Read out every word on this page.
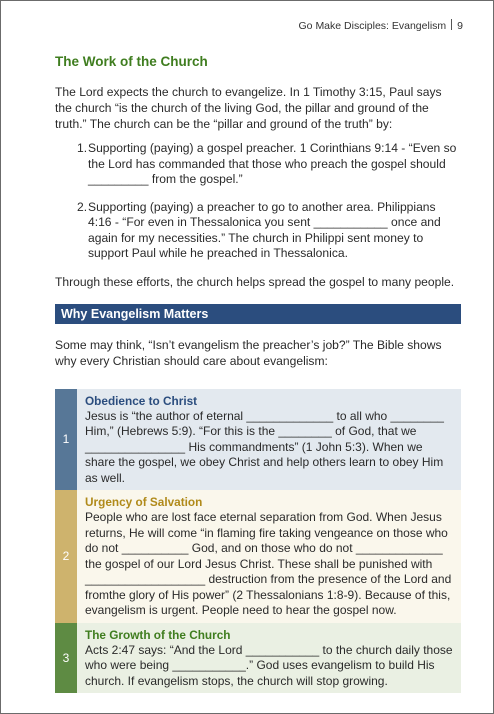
Go Make Disciples: Evangelism 9
The Work of the Church

The Lord expects the church to evangelize. In 1 Timothy 3:15, Paul says the church “is the church of the living God, the pillar and ground of the truth.” The church can be the “pillar and ground of the truth” by:

1. Supporting (paying) a gospel preacher. 1 Corinthians 9:14 - “Even so the Lord has commanded that those who preach the gospel should _________ from the gospel.”
2. Supporting (paying) a preacher to go to another area. Philippians 4:16 - “For even in Thessalonica you sent ___________ once and again for my necessities.” The church in Philippi sent money to support Paul while he preached in Thessalonica.

Through these efforts, the church helps spread the gospel to many people.

Why Evangelism Matters

Some may think, “Isn’t evangelism the preacher’s job?” The Bible shows why every Christian should care about evangelism:

1
Obedience to Christ
Jesus is “the author of eternal _____________ to all who ________ Him,” (Hebrews 5:9). “For this is the ________ of God, that we _______________ His commandments” (1 John 5:3). When we share the gospel, we obey Christ and help others learn to obey Him as well.
2
Urgency of Salvation
People who are lost face eternal separation from God. When Jesus returns, He will come “in flaming fire taking vengeance on those who do not __________ God, and on those who do not _____________ the gospel of our Lord Jesus Christ. These shall be punished with __________________ destruction from the presence of the Lord and fromthe glory of His power” (2 Thessalonians 1:8-9). Because of this, evangelism is urgent. People need to hear the gospel now.
3
The Growth of the Church
Acts 2:47 says: “And the Lord ___________ to the church daily those who were being ___________.” God uses evangelism to build His church. If evangelism stops, the church will stop growing.
